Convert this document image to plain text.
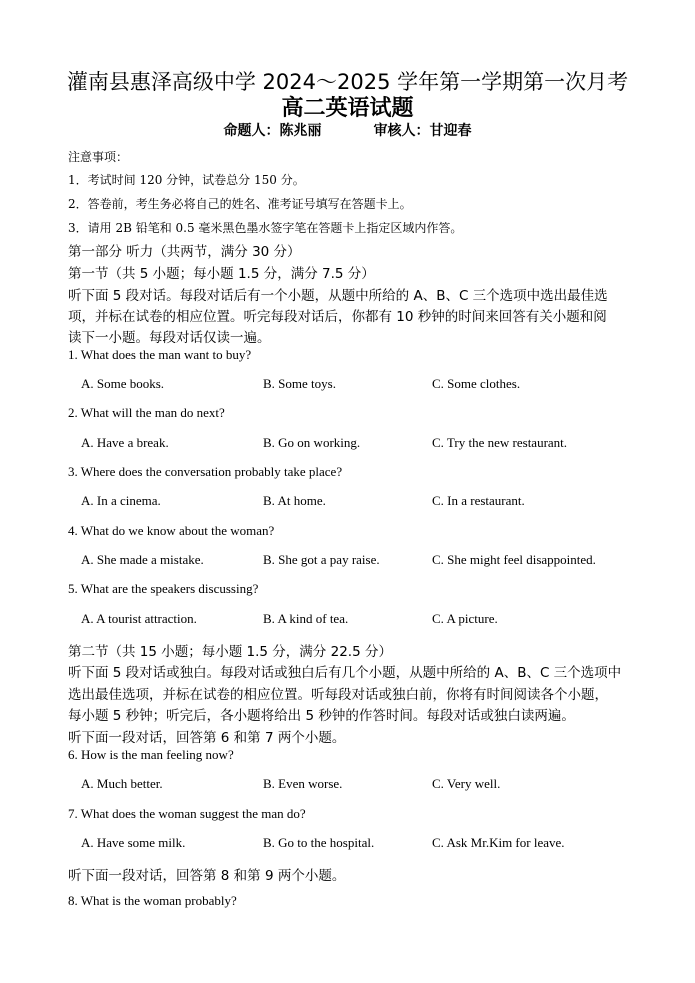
灌南县惠泽高级中学 2024～2025 学年第一学期第一次月考
高二英语试题
命题人：陈兆丽	审核人：甘迎春
注意事项：
1．考试时间 120 分钟，试卷总分 150 分。
2．答卷前，考生务必将自己的姓名、准考证号填写在答题卡上。
3．请用 2B 铅笔和 0.5 毫米黑色墨水签字笔在答题卡上指定区域内作答。
第一部分 听力（共两节，满分 30 分）
第一节（共 5 小题；每小题 1.5 分，满分 7.5 分）
听下面 5 段对话。每段对话后有一个小题，从题中所给的 A、B、C 三个选项中选出最佳选
项，并标在试卷的相应位置。听完每段对话后，你都有 10 秒钟的时间来回答有关小题和阅
读下一小题。每段对话仅读一遍。
1. What does the man want to buy?
A. Some books.	B. Some toys.	C. Some clothes.
2. What will the man do next?
A. Have a break.	B. Go on working.	C. Try the new restaurant.
3. Where does the conversation probably take place?
A. In a cinema.	B. At home.	C. In a restaurant.
4. What do we know about the woman?
A. She made a mistake.	B. She got a pay raise.	C. She might feel disappointed.
5. What are the speakers discussing?
A. A tourist attraction.	B. A kind of tea.	C. A picture.
第二节（共 15 小题；每小题 1.5 分，满分 22.5 分）
听下面 5 段对话或独白。每段对话或独白后有几个小题，从题中所给的 A、B、C 三个选项中
选出最佳选项，并标在试卷的相应位置。听每段对话或独白前，你将有时间阅读各个小题，
每小题 5 秒钟；听完后，各小题将给出 5 秒钟的作答时间。每段对话或独白读两遍。
听下面一段对话，回答第 6 和第 7 两个小题。
6. How is the man feeling now?
A. Much better.	B. Even worse.	C. Very well.
7. What does the woman suggest the man do?
A. Have some milk.	B. Go to the hospital.	C. Ask Mr.Kim for leave.
听下面一段对话，回答第 8 和第 9 两个小题。
8. What is the woman probably?
